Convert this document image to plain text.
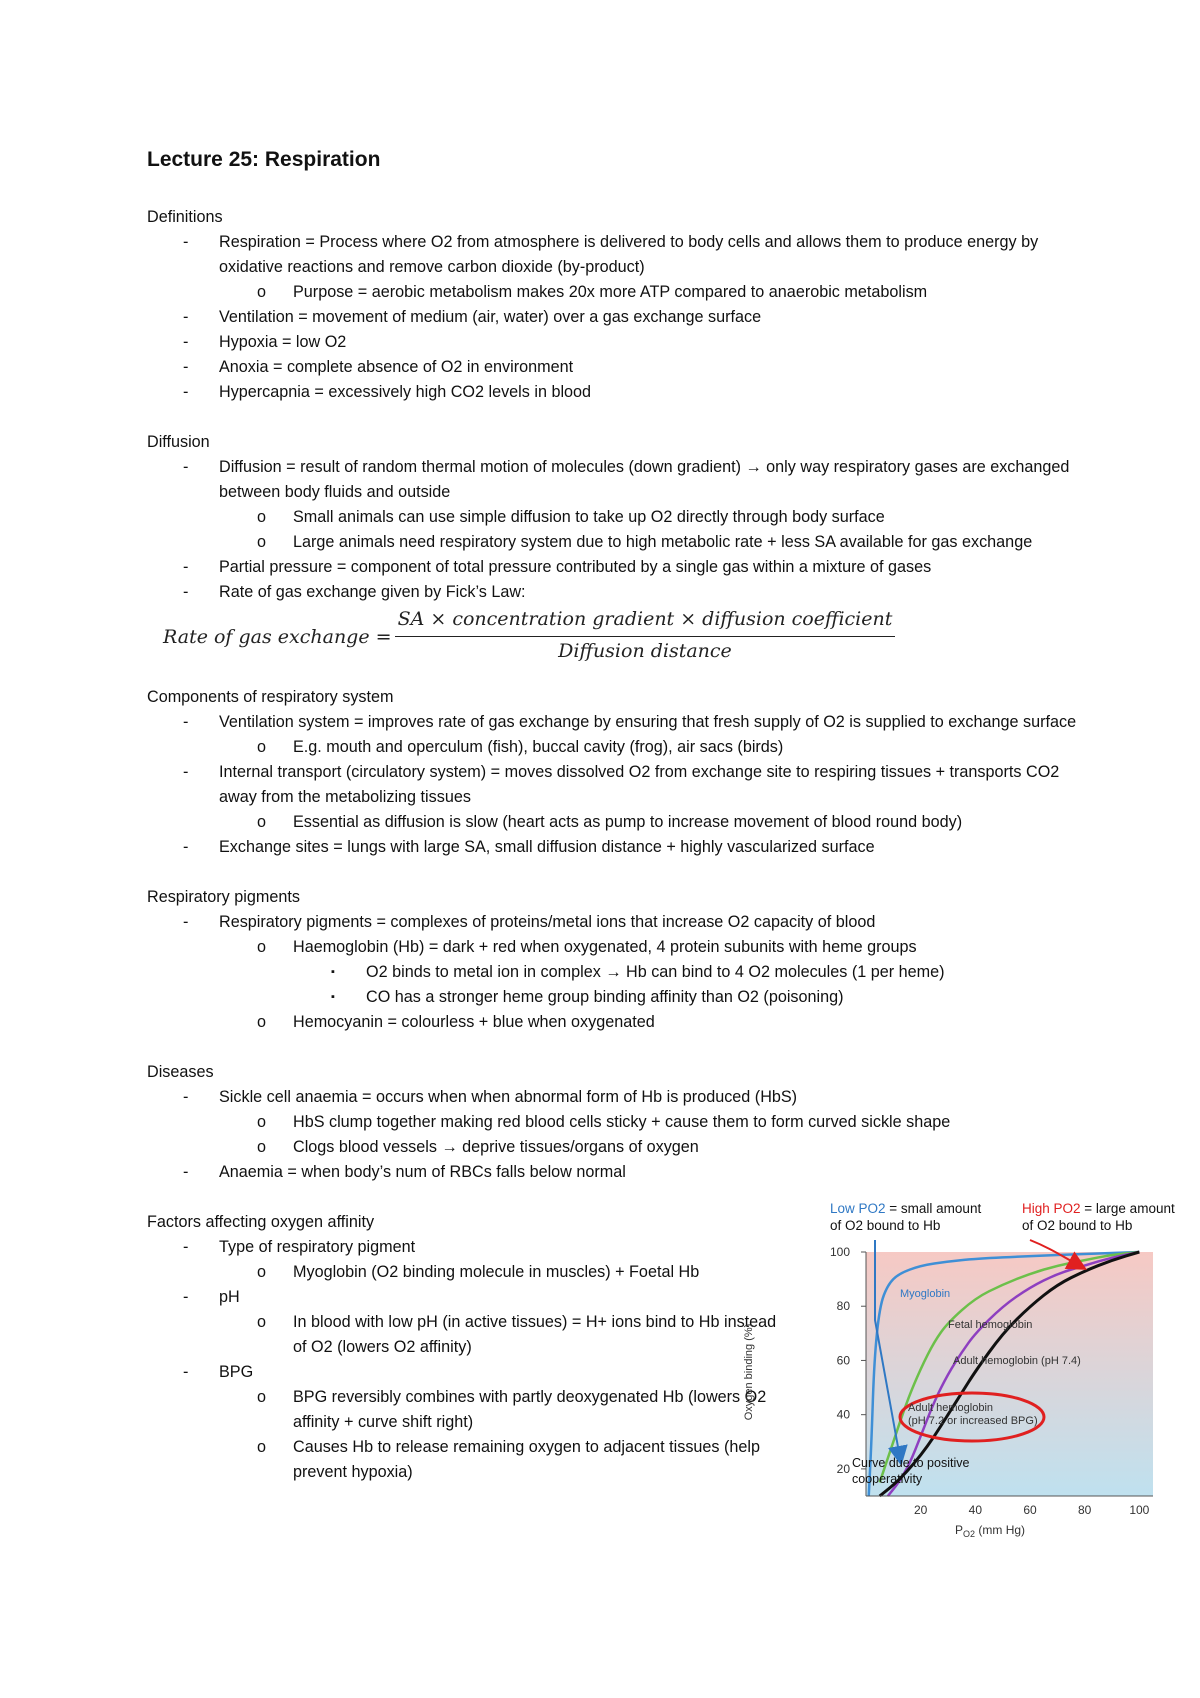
Lecture 25: Respiration
Definitions
- Respiration = Process where O2 from atmosphere is delivered to body cells and allows them to produce energy by oxidative reactions and remove carbon dioxide (by-product)
o Purpose = aerobic metabolism makes 20x more ATP compared to anaerobic metabolism
- Ventilation = movement of medium (air, water) over a gas exchange surface
- Hypoxia = low O2
- Anoxia = complete absence of O2 in environment
- Hypercapnia = excessively high CO2 levels in blood
Diffusion
- Diffusion = result of random thermal motion of molecules (down gradient) → only way respiratory gases are exchanged between body fluids and outside
o Small animals can use simple diffusion to take up O2 directly through body surface
o Large animals need respiratory system due to high metabolic rate + less SA available for gas exchange
- Partial pressure = component of total pressure contributed by a single gas within a mixture of gases
- Rate of gas exchange given by Fick’s Law:
Rate of gas exchange =
SA × concentration gradient × diffusion coefficient
Diffusion distance
Components of respiratory system
- Ventilation system = improves rate of gas exchange by ensuring that fresh supply of O2 is supplied to exchange surface
o E.g. mouth and operculum (fish), buccal cavity (frog), air sacs (birds)
- Internal transport (circulatory system) = moves dissolved O2 from exchange site to respiring tissues + transports CO2 away from the metabolizing tissues
o Essential as diffusion is slow (heart acts as pump to increase movement of blood round body)
- Exchange sites = lungs with large SA, small diffusion distance + highly vascularized surface
Respiratory pigments
- Respiratory pigments = complexes of proteins/metal ions that increase O2 capacity of blood
o Haemoglobin (Hb) = dark + red when oxygenated, 4 protein subunits with heme groups
▪ O2 binds to metal ion in complex → Hb can bind to 4 O2 molecules (1 per heme)
▪ CO has a stronger heme group binding affinity than O2 (poisoning)
o Hemocyanin = colourless + blue when oxygenated
Diseases
- Sickle cell anaemia = occurs when when abnormal form of Hb is produced (HbS)
o HbS clump together making red blood cells sticky + cause them to form curved sickle shape
o Clogs blood vessels → deprive tissues/organs of oxygen
- Anaemia = when body’s num of RBCs falls below normal
Factors affecting oxygen affinity
- Type of respiratory pigment
o Myoglobin (O2 binding molecule in muscles) + Foetal Hb
- pH
o In blood with low pH (in active tissues) = H+ ions bind to Hb instead of O2 (lowers O2 affinity)
- BPG
o BPG reversibly combines with partly deoxygenated Hb (lowers O2 affinity + curve shift right)
o Causes Hb to release remaining oxygen to adjacent tissues (help prevent hypoxia)
Low PO2 = small amount
of O2 bound to Hb
High PO2 = large amount
of O2 bound to Hb
20	40	60	80	100
20
40
60
80
100
Myoglobin
Fetal hemoglobin
Adult hemoglobin (pH 7.4)
Adult hemoglobin
(pH 7.2 or increased BPG)
Curve due to positive
cooperativity
Oxygen binding (%)
$P_{O2}$ (mm Hg)
